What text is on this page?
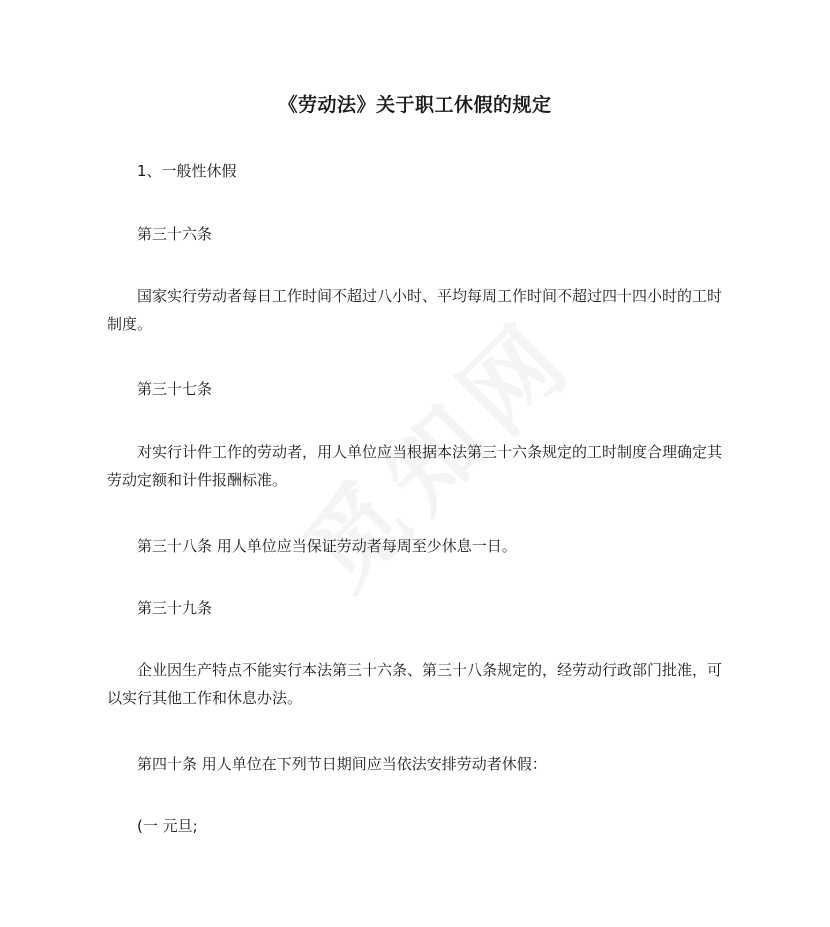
《劳动法》关于职工休假的规定

1、一般性休假

第三十六条

国家实行劳动者每日工作时间不超过八小时、平均每周工作时间不超过四十四小时的工时制度。

第三十七条

对实行计件工作的劳动者，用人单位应当根据本法第三十六条规定的工时制度合理确定其劳动定额和计件报酬标准。

第三十八条 用人单位应当保证劳动者每周至少休息一日。

第三十九条

企业因生产特点不能实行本法第三十六条、第三十八条规定的，经劳动行政部门批准，可以实行其他工作和休息办法。

第四十条 用人单位在下列节日期间应当依法安排劳动者休假：

(一 元旦;
